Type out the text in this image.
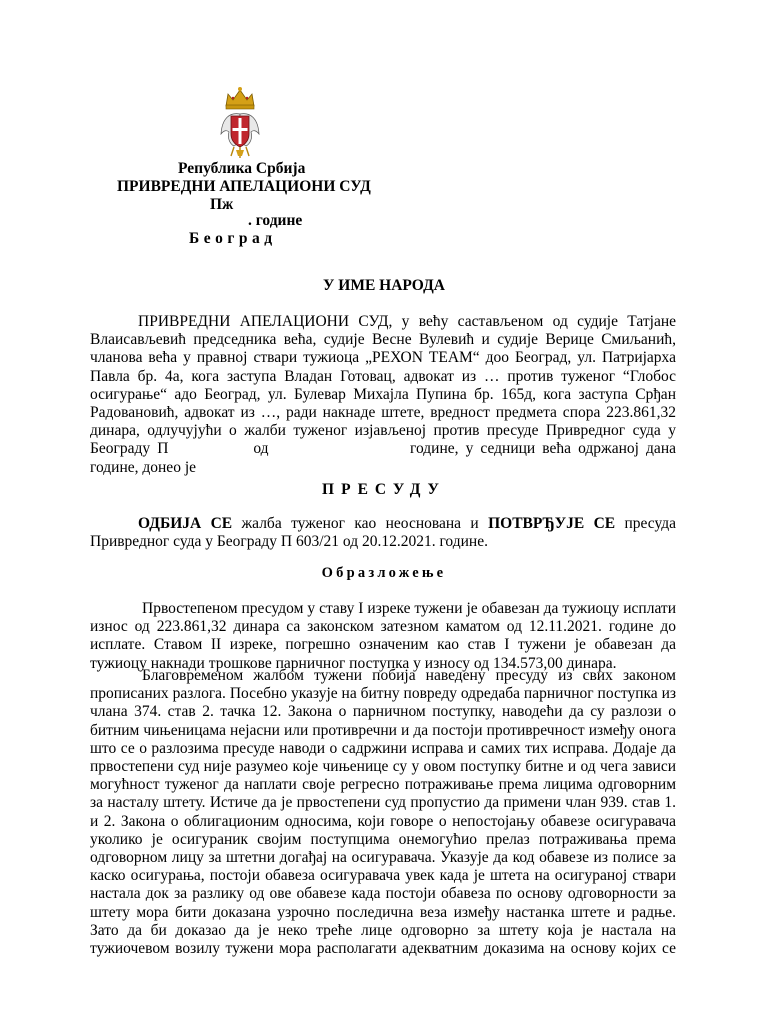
Република Србија
ПРИВРЕДНИ АПЕЛАЦИОНИ СУД
Пж
. године
Београд
У ИМЕ НАРОДА
ПРИВРЕДНИ АПЕЛАЦИОНИ СУД, у већу састављеном од судије Татјане
Влаисављевић председника већа, судије Весне Вулевић и судије Верице Смиљанић,
чланова већа у правној ствари тужиоца „РЕХОN ТЕАМ“ доо Београд, ул. Патријарха
Павла бр. 4а, кога заступа Владан Готовац, адвокат из … против туженог “Глобос
осигурање“ адо Београд, ул. Булевар Михајла Пупина бр. 165д, кога заступа Срђан
Радовановић, адвокат из …, ради накнаде штете, вредност предмета спора 223.861,32
динара, одлучујући о жалби туженог изјављеној против пресуде Привредног суда у
Београду П            од                    године, у седници већа одржаној дана
године, донео је
ПРЕСУДУ
ОДБИЈА СЕ жалба туженог као неоснована и ПОТВРЂУЈЕ СЕ пресуда
Привредног суда у Београду П 603/21 од 20.12.2021. године.
Образложење
Првостепеном пресудом у ставу I изреке тужени је обавезан да тужиоцу исплати
износ од 223.861,32 динара са законском затезном каматом од 12.11.2021. године до
исплате. Ставом II изреке, погрешно означеним као став I тужени је обавезан да
тужиоцу накнади трошкове парничног поступка у износу од 134.573,00 динара.
Благовременом жалбом тужени побија наведену пресуду из свих законом
прописаних разлога. Посебно указује на битну повреду одредаба парничног поступка из
члана 374. став 2. тачка 12. Закона о парничном поступку, наводећи да су разлози о
битним чињеницама нејасни или противречни и да постоји противречност између онога
што се о разлозима пресуде наводи о садржини исправа и самих тих исправа. Додаје да
првостепени суд није разумео које чињенице су у овом поступку битне и од чега зависи
могућност туженог да наплати своје регресно потраживање према лицима одговорним
за насталу штету. Истиче да је првостепени суд пропустио да примени члан 939. став 1.
и 2. Закона о облигационим односима, који говоре о непостојању обавезе осигуравача
уколико је осигураник својим поступцима онемогућио прелаз потраживања према
одговорном лицу за штетни догађај на осигуравача. Указује да код обавезе из полисе за
каско осигурања, постоји обавеза осигуравача увек када је штета на осигураној ствари
настала док за разлику од ове обавезе када постоји обавеза по основу одговорности за
штету мора бити доказана узрочно последична веза између настанка штете и радње.
Зато да би доказао да је неко треће лице одговорно за штету која је настала на
тужиочевом возилу тужени мора располагати адекватним доказима на основу којих се
